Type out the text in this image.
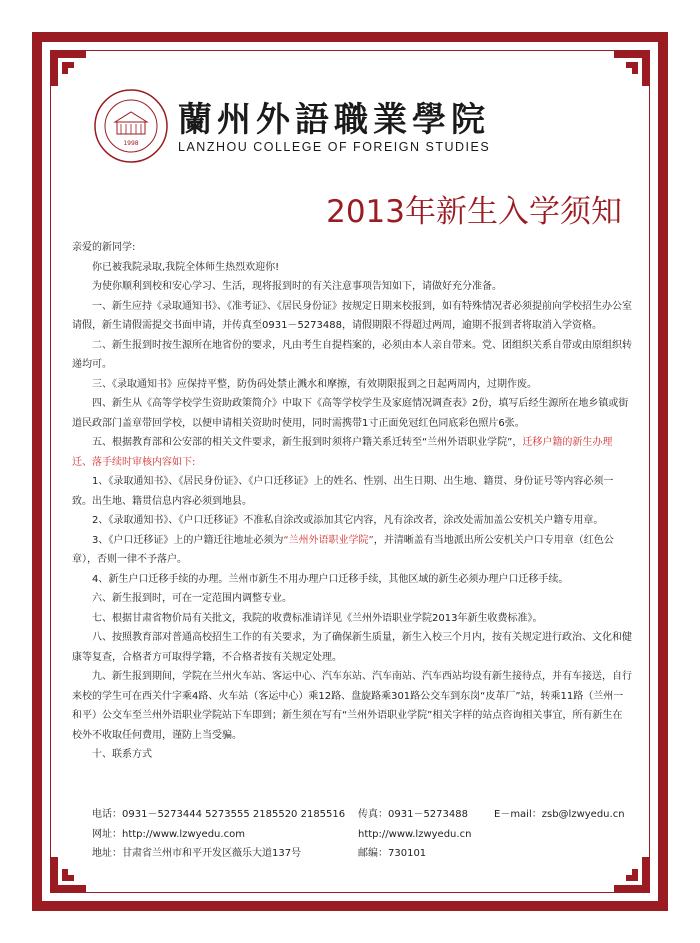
1998
蘭州外語職業學院
LANZHOU COLLEGE OF FOREIGN STUDIES
2013年新生入学须知

亲爱的新同学:

你已被我院录取,我院全体师生热烈欢迎你!

为使你顺利到校和安心学习、生活，现将报到时的有关注意事项告知如下，请做好充分准备。

一、新生应持《录取通知书》、《准考证》、《居民身份证》按规定日期来校报到，如有特殊情况者必须提前向学校招生办公室请假，新生请假需提交书面申请，并传真至0931－5273488，请假期限不得超过两周，逾期不报到者将取消入学资格。

二、新生报到时按生源所在地省份的要求，凡由考生自提档案的，必须由本人亲自带来。党、团组织关系自带或由原组织转递均可。

三、《录取通知书》应保持平整，防伪码处禁止溅水和摩擦，有效期限报到之日起两周内，过期作废。

四、新生从《高等学校学生资助政策简介》中取下《高等学校学生及家庭情况调查表》2份，填写后经生源所在地乡镇或街道民政部门盖章带回学校，以便申请相关资助时使用，同时需携带1寸正面免冠红色同底彩色照片6张。

五、根据教育部和公安部的相关文件要求，新生报到时须将户籍关系迁转至“兰州外语职业学院”，迁移户籍的新生办理迁、落手续时审核内容如下:

1、《录取通知书》、《居民身份证》、《户口迁移证》上的姓名、性别、出生日期、出生地、籍贯、身份证号等内容必须一致。出生地、籍贯信息内容必须到地县。

2、《录取通知书》、《户口迁移证》不准私自涂改或添加其它内容，凡有涂改者，涂改处需加盖公安机关户籍专用章。

3、《户口迁移证》上的户籍迁往地址必须为“兰州外语职业学院”，并清晰盖有当地派出所公安机关户口专用章（红色公章），否则一律不予落户。

4、新生户口迁移手续的办理。兰州市新生不用办理户口迁移手续，其他区域的新生必须办理户口迁移手续。

六、新生报到时，可在一定范围内调整专业。

七、根据甘肃省物价局有关批文，我院的收费标准请详见《兰州外语职业学院2013年新生收费标准》。

八、按照教育部对普通高校招生工作的有关要求，为了确保新生质量，新生入校三个月内，按有关规定进行政治、文化和健康等复查，合格者方可取得学籍，不合格者按有关规定处理。

九、新生报到期间，学院在兰州火车站、客运中心、汽车东站、汽车南站、汽车西站均设有新生接待点，并有车接送，自行来校的学生可在西关什字乘4路、火车站（客运中心）乘12路、盘旋路乘301路公交车到东岗“皮革厂”站，转乘11路（兰州一和平）公交车至兰州外语职业学院站下车即到；新生须在写有“兰州外语职业学院”相关字样的站点咨询相关事宜，所有新生在校外不收取任何费用，谨防上当受骗。

十、联系方式

电话：0931－5273444 5273555 2185520 2185516 传真：0931－5273488	E－mail：zsb@lzwyedu.cn
网址：http://www.lzwyedu.com	http://www.lzwyedu.cn
地址：甘肃省兰州市和平开发区薇乐大道137号	邮编：730101
